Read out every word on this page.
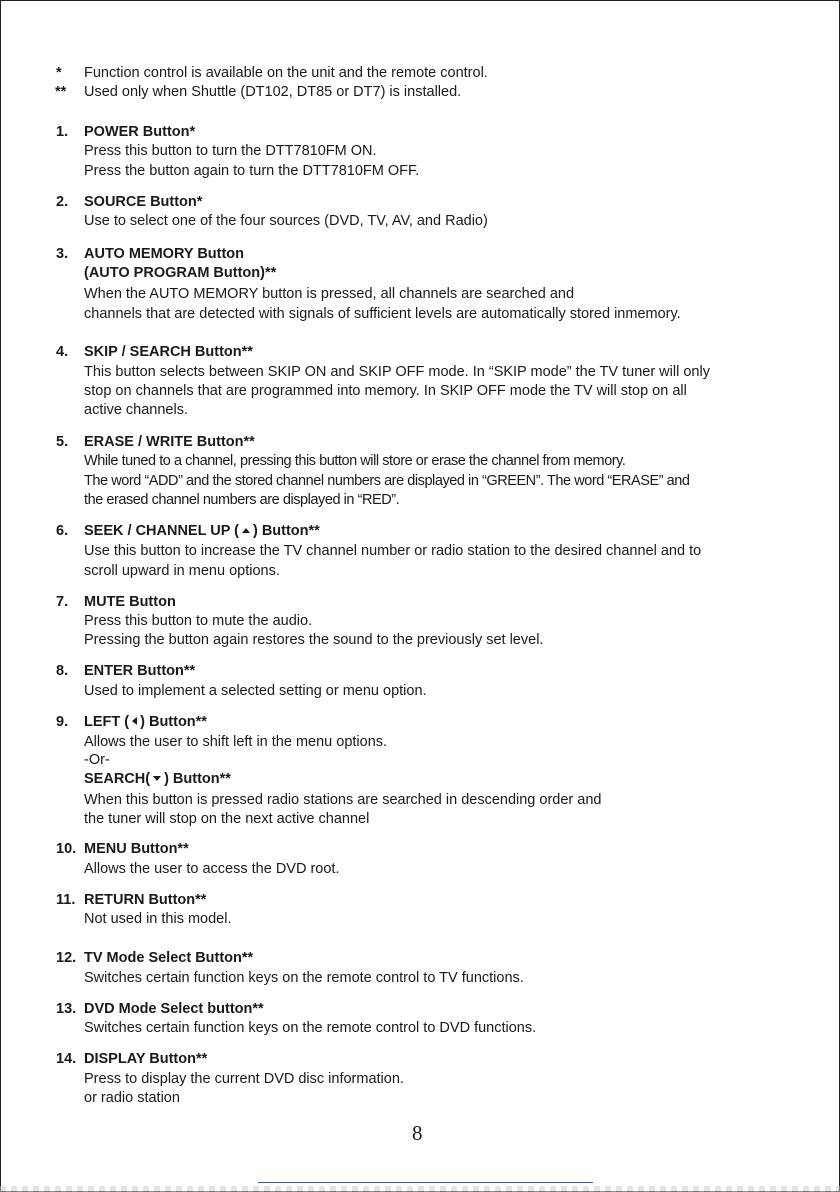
* Function control is available on the unit and the remote control.
** Used only when Shuttle (DT102, DT85 or DT7) is installed.
1. POWER Button*
Press this button to turn the DTT7810FM ON.
Press the button again to turn the DTT7810FM OFF.
2. SOURCE Button*
Use to select one of the four sources (DVD, TV, AV, and Radio)
3. AUTO MEMORY Button
(AUTO PROGRAM Button)**
When the AUTO MEMORY button is pressed, all channels are searched and
channels that are detected with signals of sufficient levels are automatically stored inmemory.
4. SKIP / SEARCH Button**
This button selects between SKIP ON and SKIP OFF mode. In “SKIP mode” the TV tuner will only
stop on channels that are programmed into memory. In SKIP OFF mode the TV will stop on all
active channels.
5. ERASE / WRITE Button**
While tuned to a channel, pressing this button will store or erase the channel from memory.
The word “ADD” and the stored channel numbers are displayed in “GREEN”. The word “ERASE” and
the erased channel numbers are displayed in “RED”.
6. SEEK / CHANNEL UP ( ) Button**
Use this button to increase the TV channel number or radio station to the desired channel and to
scroll upward in menu options.
7. MUTE Button
Press this button to mute the audio.
Pressing the button again restores the sound to the previously set level.
8. ENTER Button**
Used to implement a selected setting or menu option.
9. LEFT ( ) Button**
Allows the user to shift left in the menu options.
-Or-
SEARCH( ) Button**
When this button is pressed radio stations are searched in descending order and
the tuner will stop on the next active channel
10. MENU Button**
Allows the user to access the DVD root.
11. RETURN Button**
Not used in this model.
12. TV Mode Select Button**
Switches certain function keys on the remote control to TV functions.
13. DVD Mode Select button**
Switches certain function keys on the remote control to DVD functions.
14. DISPLAY Button**
Press to display the current DVD disc information.
or radio station
8
